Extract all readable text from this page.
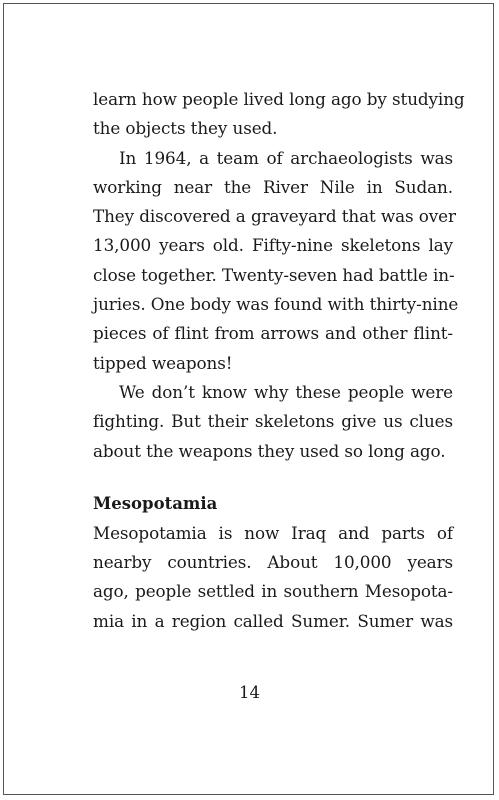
learn how people lived long ago by studying
the objects they used.
In 1964, a team of archaeologists was
working near the River Nile in Sudan.
They discovered a graveyard that was over
13,000 years old. Fifty-nine skeletons lay
close together. Twenty-seven had battle in-
juries. One body was found with thirty-nine
pieces of flint from arrows and other flint-
tipped weapons!
We don’t know why these people were
fighting. But their skeletons give us clues
about the weapons they used so long ago.
Mesopotamia
Mesopotamia is now Iraq and parts of
nearby countries. About 10,000 years
ago, people settled in southern Mesopota-
mia in a region called Sumer. Sumer was
14
